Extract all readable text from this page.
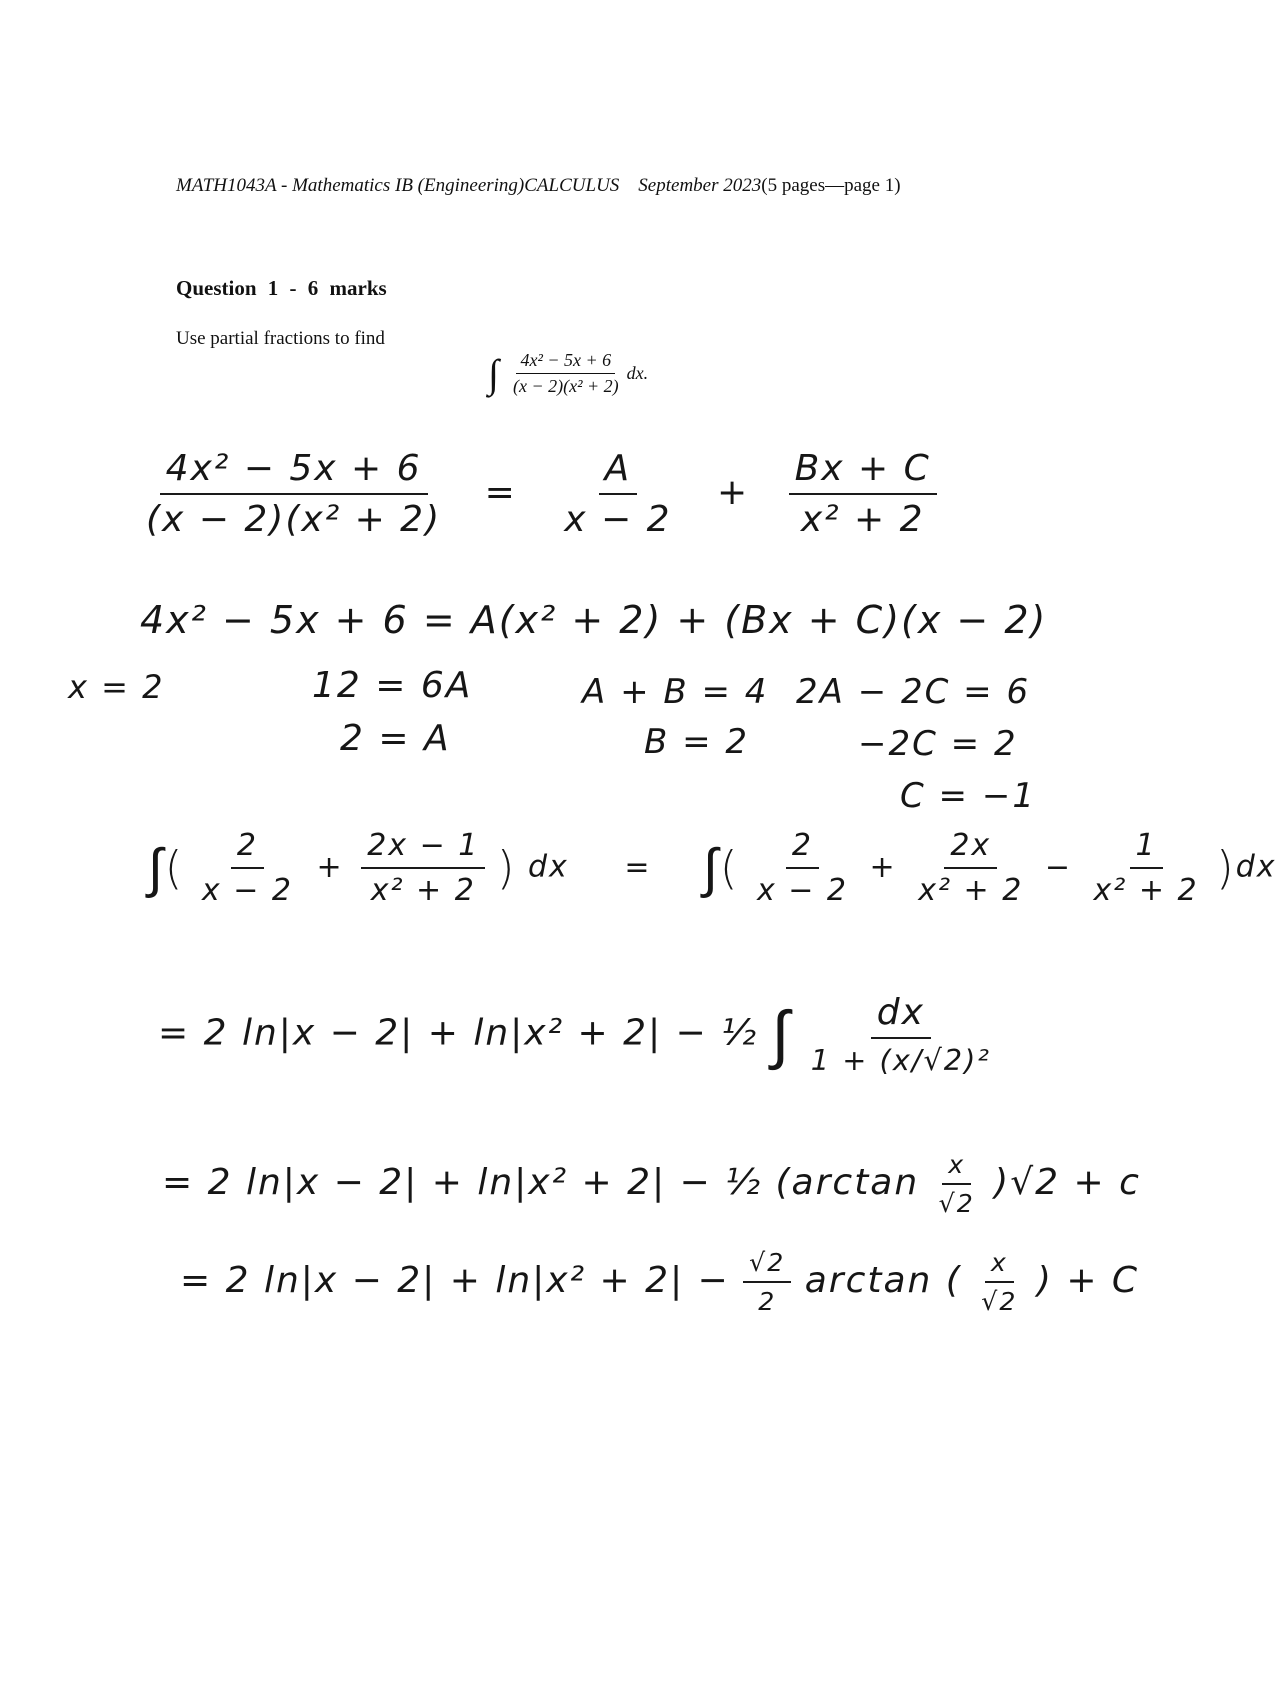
MATH1043A - Mathematics IB (Engineering)CALCULUS September 2023(5 pages—page 1)
Question 1 - 6 marks
Use partial fractions to find
∫ $\frac{\text{4x² − 5x + 6}}{\text{(x − 2)(x² + 2)}}$ dx.
$\frac{\text{4x² − 5x + 6}}{\text{(x − 2)(x² + 2)}} = \frac{A}{x - 2} + \frac{Bx + C}{\text{x² + 2}}$
4x² − 5x + 6 = A(x² + 2) + (Bx + C)(x − 2)
x = 2	12 = 6A	A + B = 4 2A − 2C = 6
2 = A	B = 2	−2C = 2
C = −1
∫( $\frac{2}{x - 2} + \frac{2x - 1}{\text{x² + 2}}$ ) dx = ∫( $\frac{2}{x - 2} + \frac{2x}{\text{x² + 2}} - \frac{1}{\text{x² + 2}} )dx$
= 2 ln|x − 2| + ln|x² + 2| − ½ ∫ dx
1 + (x/√2)²
= 2 ln|x − 2| + ln|x² + 2| − ½ $(\arctan \frac{x}{√2} )√2 + c$
= 2 $\ln|x - 2| + \ln|x^2 + 2| - \frac{√2}{2}$ arctan ( $\frac{x}{√2}$ ) + C
